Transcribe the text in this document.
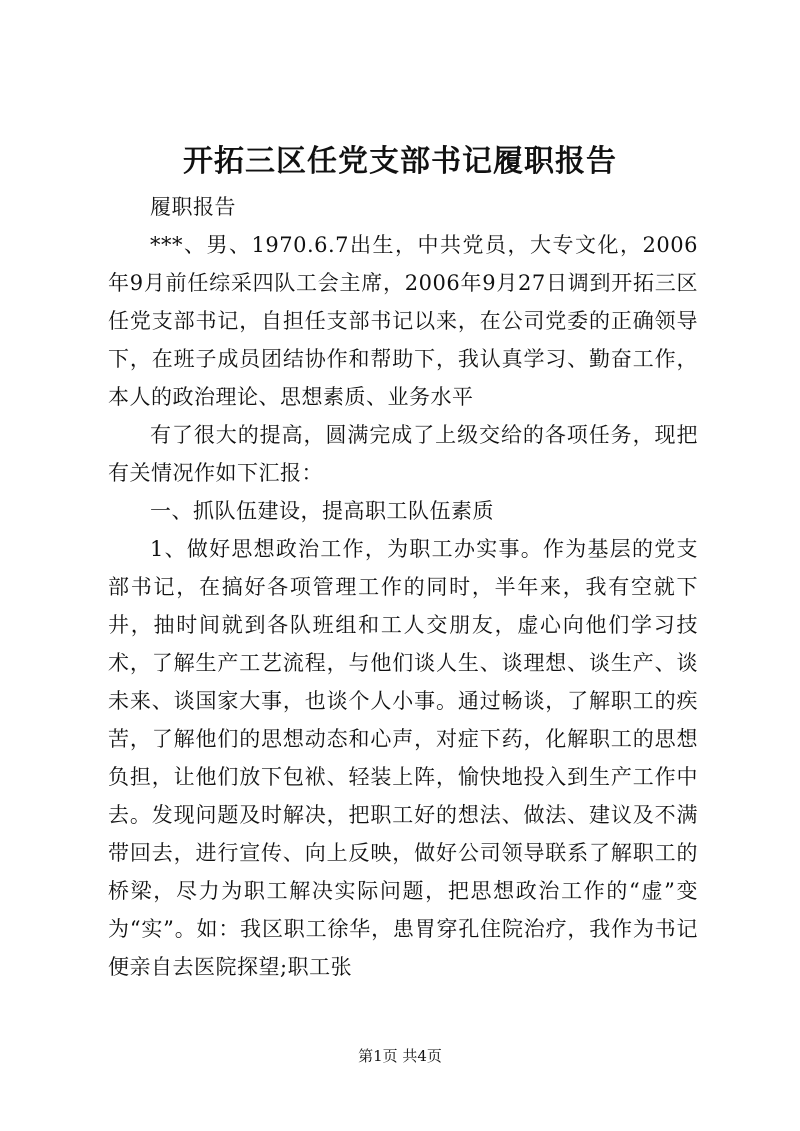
开拓三区任党支部书记履职报告

履职报告

***、男、1970.6.7出生，中共党员，大专文化，2006年9月前任综采四队工会主席，2006年9月27日调到开拓三区任党支部书记，自担任支部书记以来，在公司党委的正确领导下，在班子成员团结协作和帮助下，我认真学习、勤奋工作，本人的政治理论、思想素质、业务水平

有了很大的提高，圆满完成了上级交给的各项任务，现把有关情况作如下汇报：

一、抓队伍建设，提高职工队伍素质

1、做好思想政治工作，为职工办实事。作为基层的党支部书记，在搞好各项管理工作的同时，半年来，我有空就下井，抽时间就到各队班组和工人交朋友，虚心向他们学习技术，了解生产工艺流程，与他们谈人生、谈理想、谈生产、谈未来、谈国家大事，也谈个人小事。通过畅谈，了解职工的疾苦，了解他们的思想动态和心声，对症下药，化解职工的思想负担，让他们放下包袱、轻装上阵，愉快地投入到生产工作中去。发现问题及时解决，把职工好的想法、做法、建议及不满带回去，进行宣传、向上反映，做好公司领导联系了解职工的桥梁，尽力为职工解决实际问题，把思想政治工作的“虚”变为“实”。如：我区职工徐华，患胃穿孔住院治疗，我作为书记便亲自去医院探望;职工张

第1页 共4页
